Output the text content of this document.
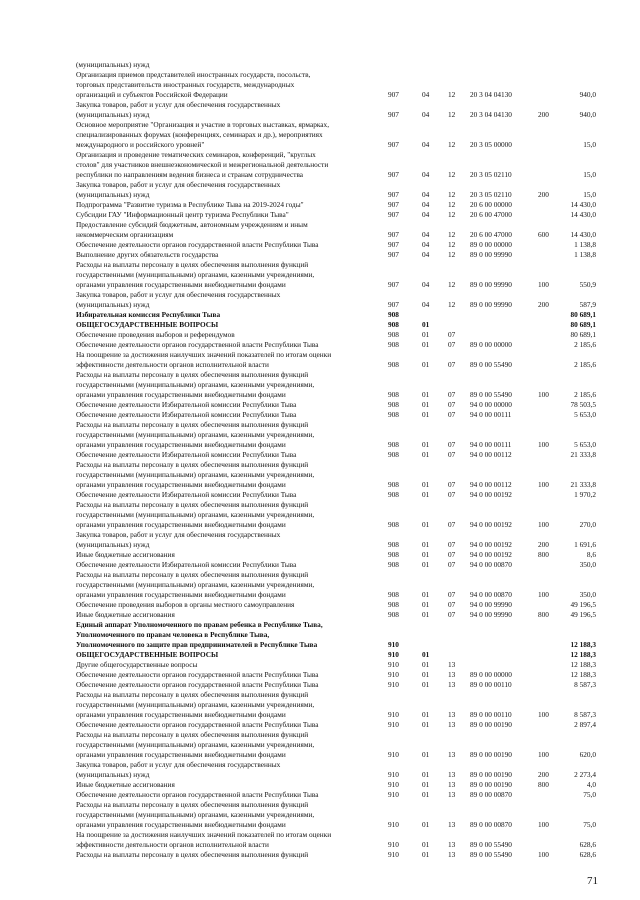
(муниципальных) нужд
Организация приемов представителей иностранных государств, посольств,
торговых представительств иностранных государств, международных
организаций и субъектов Российской Федерации	907	04	12	20 3 04 04130	940,0
Закупка товаров, работ и услуг для обеспечения государственных
(муниципальных) нужд	907	04	12	20 3 04 04130	200	940,0
Основное мероприятие "Организация и участие в торговых выставках, ярмарках,
специализированных форумах (конференциях, семинарах и др.), мероприятиях
международного и российского уровней"	907	04	12	20 3 05 00000	15,0
Организация и проведение тематических семинаров, конференций, "круглых
столов" для участников внешнеэкономической и межрегиональной деятельности
республики по направлениям ведения бизнеса и странам сотрудничества	907	04	12	20 3 05 02110	15,0
Закупка товаров, работ и услуг для обеспечения государственных
(муниципальных) нужд	907	04	12	20 3 05 02110	200	15,0
Подпрограмма "Развитие туризма в Республике Тыва на 2019-2024 годы"	907	04	12	20 6 00 00000	14 430,0
Субсидии ГАУ "Информационный центр туризма Республики Тыва"	907	04	12	20 6 00 47000	14 430,0
Предоставление субсидий бюджетным, автономным учреждениям и иным
некоммерческим организациям	907	04	12	20 6 00 47000	600	14 430,0
Обеспечение деятельности органов государственной власти Республики Тыва	907	04	12	89 0 00 00000	1 138,8
Выполнение других обязательств государства	907	04	12	89 0 00 99990	1 138,8
Расходы на выплаты персоналу в целях обеспечения выполнения функций
государственными (муниципальными) органами, казенными учреждениями,
органами управления государственными внебюджетными фондами	907	04	12	89 0 00 99990	100	550,9
Закупка товаров, работ и услуг для обеспечения государственных
(муниципальных) нужд	907	04	12	89 0 00 99990	200	587,9
Избирательная комиссия Республики Тыва	908	80 689,1
ОБЩЕГОСУДАРСТВЕННЫЕ ВОПРОСЫ	908	01	80 689,1
Обеспечение проведения выборов и референдумов	908	01	07	80 689,1
Обеспечение деятельности органов государственной власти Республики Тыва	908	01	07	89 0 00 00000	2 185,6
На поощрение за достижения наилучших значений показателей по итогам оценки
эффективности деятельности органов исполнительной власти	908	01	07	89 0 00 55490	2 185,6
Расходы на выплаты персоналу в целях обеспечения выполнения функций
государственными (муниципальными) органами, казенными учреждениями,
органами управления государственными внебюджетными фондами	908	01	07	89 0 00 55490	100	2 185,6
Обеспечение деятельности Избирательной комиссии Республики Тыва	908	01	07	94 0 00 00000	78 503,5
Обеспечение деятельности Избирательной комиссии Республики Тыва	908	01	07	94 0 00 00111	5 653,0
Расходы на выплаты персоналу в целях обеспечения выполнения функций
государственными (муниципальными) органами, казенными учреждениями,
органами управления государственными внебюджетными фондами	908	01	07	94 0 00 00111	100	5 653,0
Обеспечение деятельности Избирательной комиссии Республики Тыва	908	01	07	94 0 00 00112	21 333,8
Расходы на выплаты персоналу в целях обеспечения выполнения функций
государственными (муниципальными) органами, казенными учреждениями,
органами управления государственными внебюджетными фондами	908	01	07	94 0 00 00112	100	21 333,8
Обеспечение деятельности Избирательной комиссии Республики Тыва	908	01	07	94 0 00 00192	1 970,2
Расходы на выплаты персоналу в целях обеспечения выполнения функций
государственными (муниципальными) органами, казенными учреждениями,
органами управления государственными внебюджетными фондами	908	01	07	94 0 00 00192	100	270,0
Закупка товаров, работ и услуг для обеспечения государственных
(муниципальных) нужд	908	01	07	94 0 00 00192	200	1 691,6
Иные бюджетные ассигнования	908	01	07	94 0 00 00192	800	8,6
Обеспечение деятельности Избирательной комиссии Республики Тыва	908	01	07	94 0 00 00870	350,0
Расходы на выплаты персоналу в целях обеспечения выполнения функций
государственными (муниципальными) органами, казенными учреждениями,
органами управления государственными внебюджетными фондами	908	01	07	94 0 00 00870	100	350,0
Обеспечение проведения выборов в органы местного самоуправления	908	01	07	94 0 00 99990	49 196,5
Иные бюджетные ассигнования	908	01	07	94 0 00 99990	800	49 196,5
Единый аппарат Уполномоченного по правам ребенка в Республике Тыва,
Уполномоченного по правам человека в Республике Тыва,
Уполномоченного по защите прав предпринимателей в Республике Тыва	910	12 188,3
ОБЩЕГОСУДАРСТВЕННЫЕ ВОПРОСЫ	910	01	12 188,3
Другие общегосударственные вопросы	910	01	13	12 188,3
Обеспечение деятельности органов государственной власти Республики Тыва	910	01	13	89 0 00 00000	12 188,3
Обеспечение деятельности органов государственной власти Республики Тыва	910	01	13	89 0 00 00110	8 587,3
Расходы на выплаты персоналу в целях обеспечения выполнения функций
государственными (муниципальными) органами, казенными учреждениями,
органами управления государственными внебюджетными фондами	910	01	13	89 0 00 00110	100	8 587,3
Обеспечение деятельности органов государственной власти Республики Тыва	910	01	13	89 0 00 00190	2 897,4
Расходы на выплаты персоналу в целях обеспечения выполнения функций
государственными (муниципальными) органами, казенными учреждениями,
органами управления государственными внебюджетными фондами	910	01	13	89 0 00 00190	100	620,0
Закупка товаров, работ и услуг для обеспечения государственных
(муниципальных) нужд	910	01	13	89 0 00 00190	200	2 273,4
Иные бюджетные ассигнования	910	01	13	89 0 00 00190	800	4,0
Обеспечение деятельности органов государственной власти Республики Тыва	910	01	13	89 0 00 00870	75,0
Расходы на выплаты персоналу в целях обеспечения выполнения функций
государственными (муниципальными) органами, казенными учреждениями,
органами управления государственными внебюджетными фондами	910	01	13	89 0 00 00870	100	75,0
На поощрение за достижения наилучших значений показателей по итогам оценки
эффективности деятельности органов исполнительной власти	910	01	13	89 0 00 55490	628,6
Расходы на выплаты персоналу в целях обеспечения выполнения функций	910	01	13	89 0 00 55490	100	628,6
71
